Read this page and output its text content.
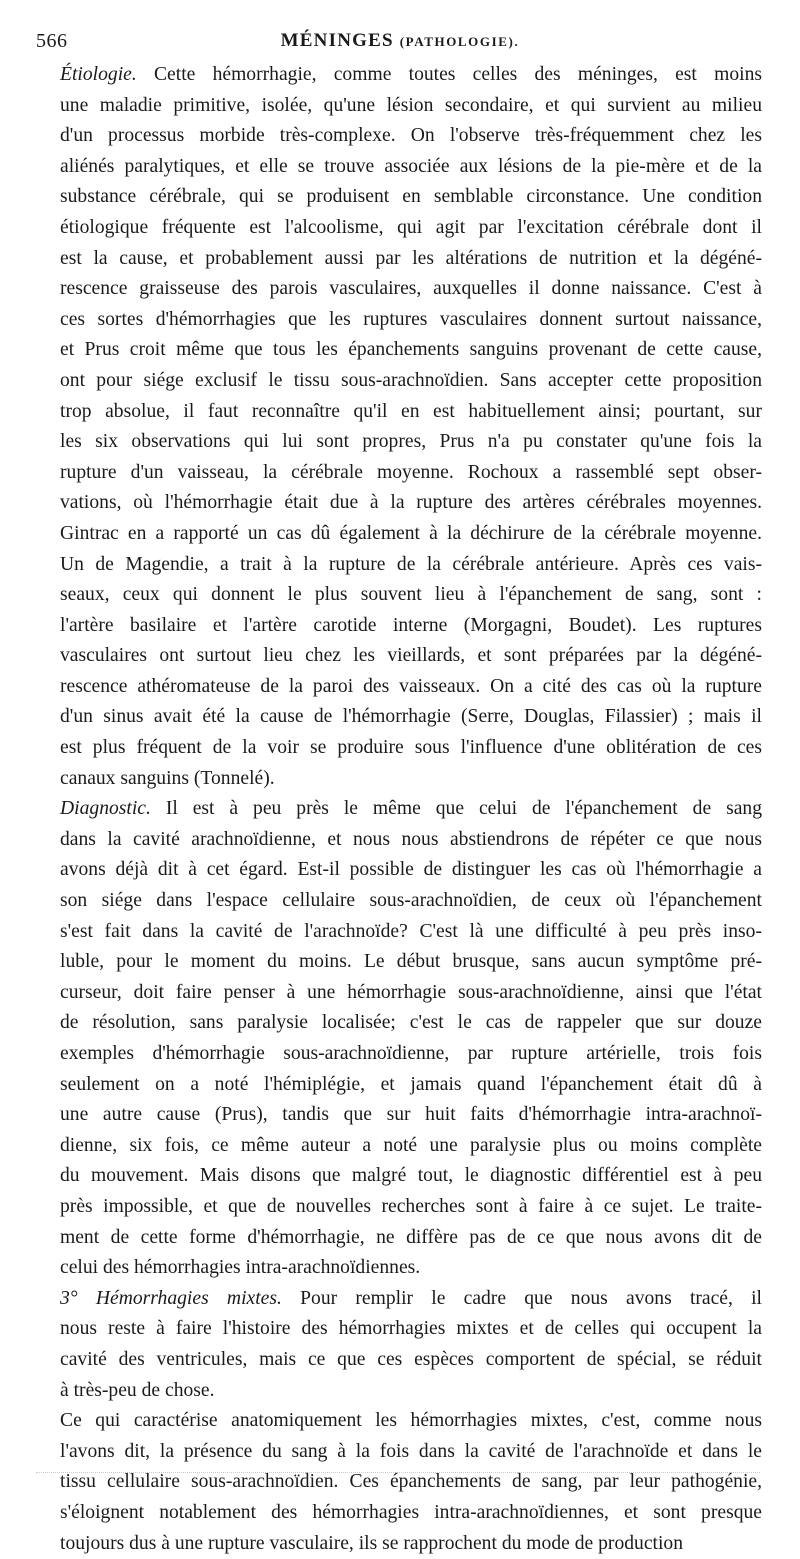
566	MÉNINGES (PATHOLOGIE).

Étiologie. Cette hémorrhagie, comme toutes celles des méninges, est moins
une maladie primitive, isolée, qu'une lésion secondaire, et qui survient au milieu
d'un processus morbide très-complexe. On l'observe très-fréquemment chez les
aliénés paralytiques, et elle se trouve associée aux lésions de la pie-mère et de la
substance cérébrale, qui se produisent en semblable circonstance. Une condition
étiologique fréquente est l'alcoolisme, qui agit par l'excitation cérébrale dont il
est la cause, et probablement aussi par les altérations de nutrition et la dégéné-
rescence graisseuse des parois vasculaires, auxquelles il donne naissance. C'est à
ces sortes d'hémorrhagies que les ruptures vasculaires donnent surtout naissance,
et Prus croit même que tous les épanchements sanguins provenant de cette cause,
ont pour siége exclusif le tissu sous-arachnoïdien. Sans accepter cette proposition
trop absolue, il faut reconnaître qu'il en est habituellement ainsi; pourtant, sur
les six observations qui lui sont propres, Prus n'a pu constater qu'une fois la
rupture d'un vaisseau, la cérébrale moyenne. Rochoux a rassemblé sept obser-
vations, où l'hémorrhagie était due à la rupture des artères cérébrales moyennes.
Gintrac en a rapporté un cas dû également à la déchirure de la cérébrale moyenne.
Un de Magendie, a trait à la rupture de la cérébrale antérieure. Après ces vais-
seaux, ceux qui donnent le plus souvent lieu à l'épanchement de sang, sont :
l'artère basilaire et l'artère carotide interne (Morgagni, Boudet). Les ruptures
vasculaires ont surtout lieu chez les vieillards, et sont préparées par la dégéné-
rescence athéromateuse de la paroi des vaisseaux. On a cité des cas où la rupture
d'un sinus avait été la cause de l'hémorrhagie (Serre, Douglas, Filassier) ; mais il
est plus fréquent de la voir se produire sous l'influence d'une oblitération de ces
canaux sanguins (Tonnelé).

Diagnostic. Il est à peu près le même que celui de l'épanchement de sang
dans la cavité arachnoïdienne, et nous nous abstiendrons de répéter ce que nous
avons déjà dit à cet égard. Est-il possible de distinguer les cas où l'hémorrhagie a
son siége dans l'espace cellulaire sous-arachnoïdien, de ceux où l'épanchement
s'est fait dans la cavité de l'arachnoïde? C'est là une difficulté à peu près inso-
luble, pour le moment du moins. Le début brusque, sans aucun symptôme pré-
curseur, doit faire penser à une hémorrhagie sous-arachnoïdienne, ainsi que l'état
de résolution, sans paralysie localisée; c'est le cas de rappeler que sur douze
exemples d'hémorrhagie sous-arachnoïdienne, par rupture artérielle, trois fois
seulement on a noté l'hémiplégie, et jamais quand l'épanchement était dû à
une autre cause (Prus), tandis que sur huit faits d'hémorrhagie intra-arachnoï-
dienne, six fois, ce même auteur a noté une paralysie plus ou moins complète
du mouvement. Mais disons que malgré tout, le diagnostic différentiel est à peu
près impossible, et que de nouvelles recherches sont à faire à ce sujet. Le traite-
ment de cette forme d'hémorrhagie, ne diffère pas de ce que nous avons dit de
celui des hémorrhagies intra-arachnoïdiennes.

3° Hémorrhagies mixtes. Pour remplir le cadre que nous avons tracé, il
nous reste à faire l'histoire des hémorrhagies mixtes et de celles qui occupent la
cavité des ventricules, mais ce que ces espèces comportent de spécial, se réduit
à très-peu de chose.

Ce qui caractérise anatomiquement les hémorrhagies mixtes, c'est, comme nous
l'avons dit, la présence du sang à la fois dans la cavité de l'arachnoïde et dans le
tissu cellulaire sous-arachnoïdien. Ces épanchements de sang, par leur pathogénie,
s'éloignent notablement des hémorrhagies intra-arachnoïdiennes, et sont presque
toujours dus à une rupture vasculaire, ils se rapprochent du mode de production
